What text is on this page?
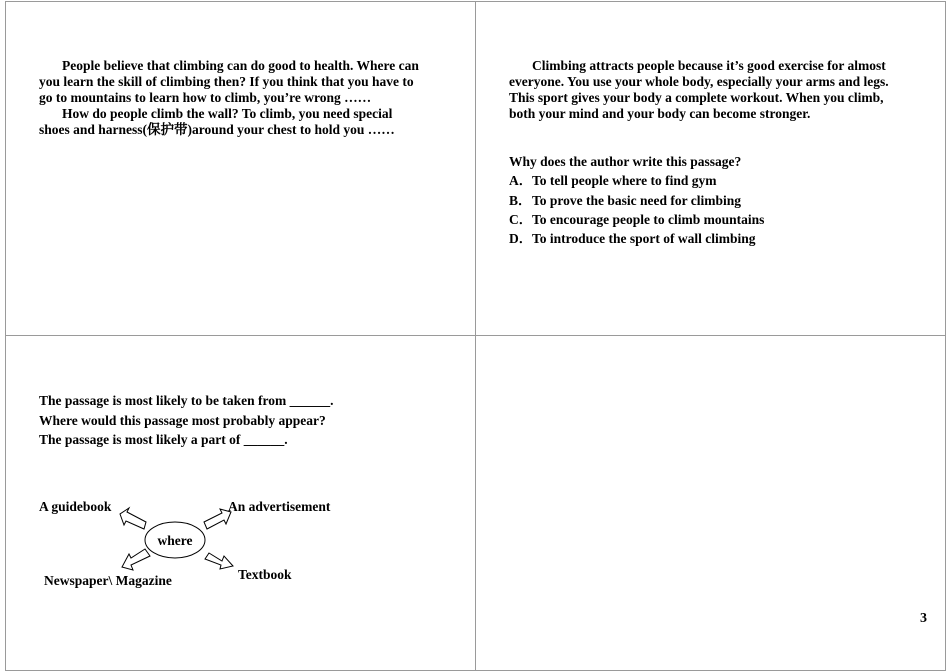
People believe that climbing can do good to health. Where can
you learn the skill of climbing then? If you think that you have to
go to mountains to learn how to climb, you’re wrong ……
How do people climb the wall? To climb, you need special
shoes and harness(保护带)around your chest to hold you ……
Climbing attracts people because it’s good exercise for almost
everyone. You use your whole body, especially your arms and legs.
This sport gives your body a complete workout. When you climb,
both your mind and your body can become stronger.
Why does the author write this passage?
A．To tell people where to find gym
B．To prove the basic need for climbing
C．To encourage people to climb mountains
D．To introduce the sport of wall climbing
The passage is most likely to be taken from ______.
Where would this passage most probably appear?
The passage is most likely a part of ______.
where
A guidebook	An advertisement
Newspaper\ Magazine	Textbook
3
